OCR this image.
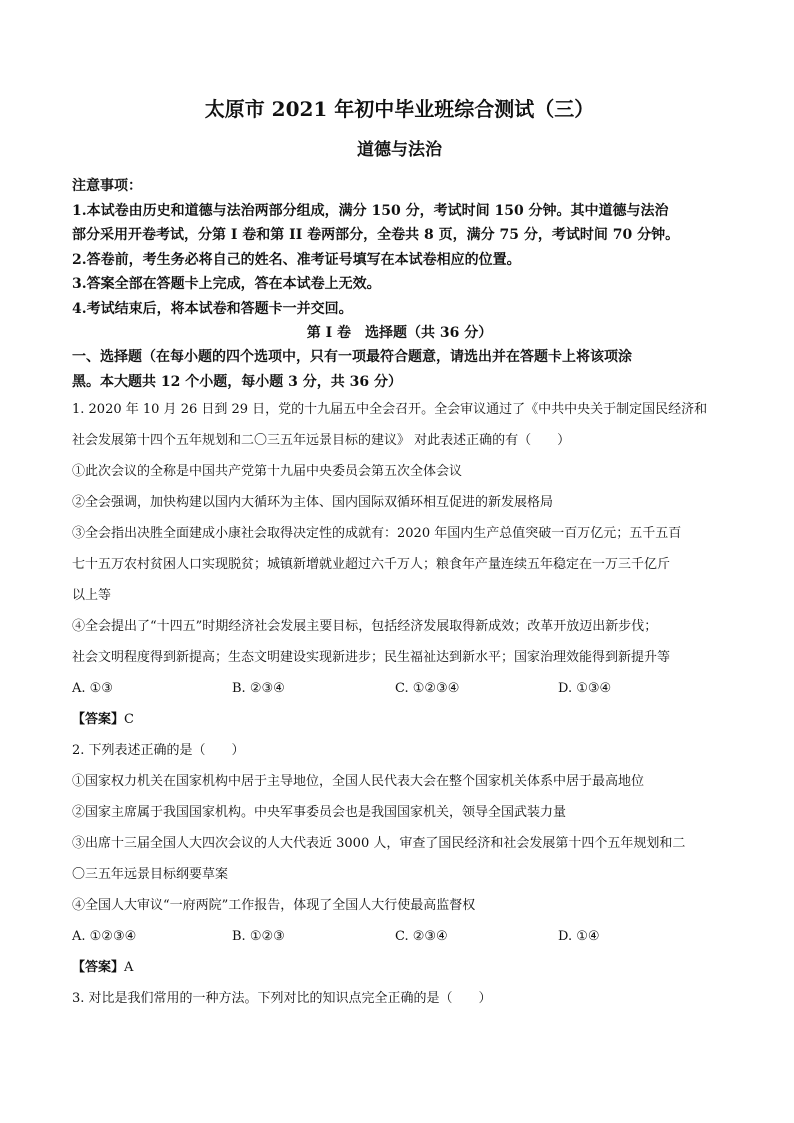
太原市 2021 年初中毕业班综合测试（三）
道德与法治
注意事项：
1.本试卷由历史和道德与法治两部分组成，满分 150 分，考试时间 150 分钟。其中道德与法治
部分采用开卷考试，分第 I 卷和第 II 卷两部分，全卷共 8 页，满分 75 分，考试时间 70 分钟。
2.答卷前，考生务必将自己的姓名、准考证号填写在本试卷相应的位置。
3.答案全部在答题卡上完成，答在本试卷上无效。
4.考试结束后，将本试卷和答题卡一并交回。
第 I 卷　选择题（共 36 分）
一、选择题（在每小题的四个选项中，只有一项最符合题意，请选出并在答题卡上将该项涂
黑。本大题共 12 个小题，每小题 3 分，共 36 分）
1. 2020 年 10 月 26 日到 29 日，党的十九届五中全会召开。全会审议通过了《中共中央关于制定国民经济和
社会发展第十四个五年规划和二〇三五年远景目标的建议》 对此表述正确的有（　　）
①此次会议的全称是中国共产党第十九届中央委员会第五次全体会议
②全会强调，加快构建以国内大循环为主体、国内国际双循环相互促进的新发展格局
③全会指出决胜全面建成小康社会取得决定性的成就有：2020 年国内生产总值突破一百万亿元；五千五百
七十五万农村贫困人口实现脱贫；城镇新增就业超过六千万人；粮食年产量连续五年稳定在一万三千亿斤
以上等
④全会提出了“十四五”时期经济社会发展主要目标，包括经济发展取得新成效；改革开放迈出新步伐；
社会文明程度得到新提高；生态文明建设实现新进步；民生福祉达到新水平；国家治理效能得到新提升等
A. ①③	B. ②③④	C. ①②③④	D. ①③④
【答案】C
2. 下列表述正确的是（　　）
①国家权力机关在国家机构中居于主导地位，全国人民代表大会在整个国家机关体系中居于最高地位
②国家主席属于我国国家机构。中央军事委员会也是我国国家机关，领导全国武装力量
③出席十三届全国人大四次会议的人大代表近 3000 人，审查了国民经济和社会发展第十四个五年规划和二
〇三五年远景目标纲要草案
④全国人大审议“一府两院”工作报告，体现了全国人大行使最高监督权
A. ①②③④	B. ①②③	C. ②③④	D. ①④
【答案】A
3. 对比是我们常用的一种方法。下列对比的知识点完全正确的是（　　）
